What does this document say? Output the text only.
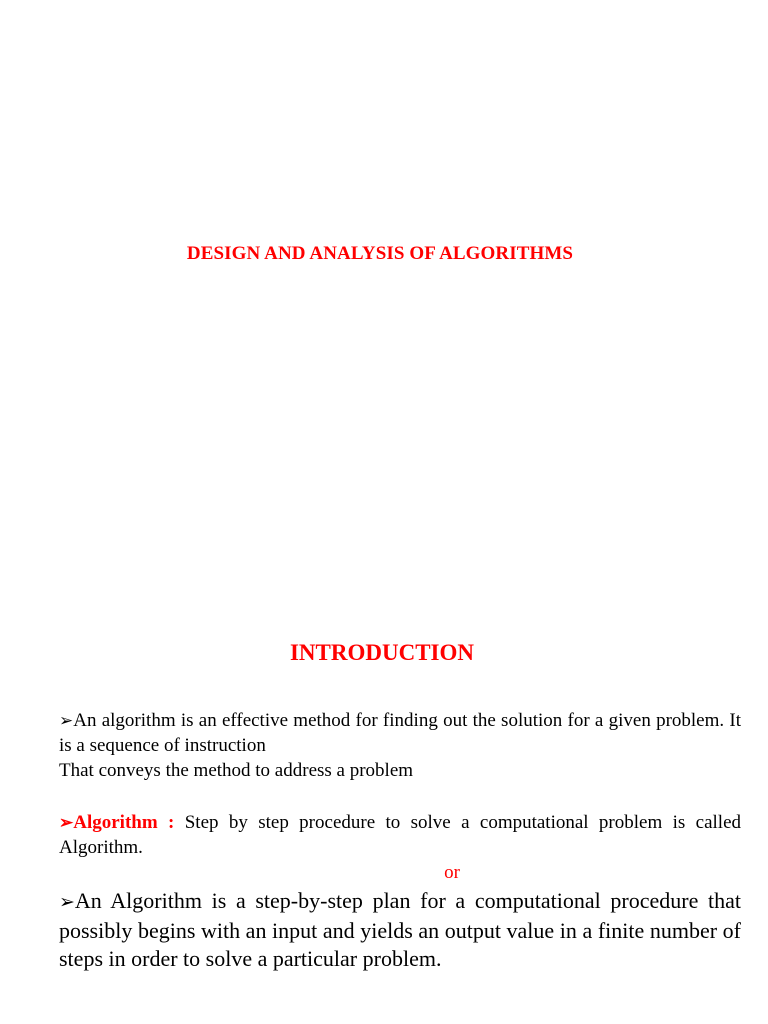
DESIGN AND ANALYSIS OF ALGORITHMS
INTRODUCTION
➢An algorithm is an effective method for finding out the solution for a given problem. It is a sequence of instruction
That conveys the method to address a problem
➢Algorithm : Step by step procedure to solve a computational problem is called Algorithm.
or
➢An Algorithm is a step-by-step plan for a computational procedure that possibly begins with an input and yields an output value in a finite number of steps in order to solve a particular problem.
